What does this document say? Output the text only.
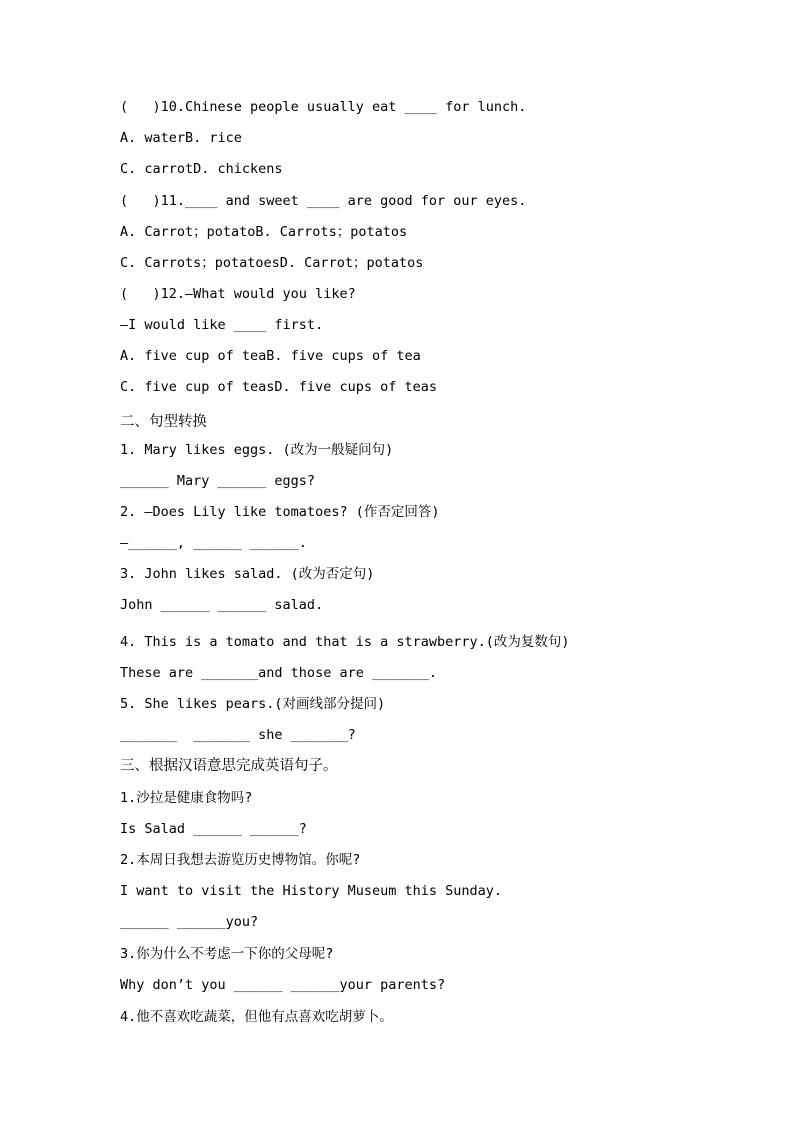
(   )10.Chinese people usually eat ____ for lunch.
A. waterB. rice
C. carrotD. chickens
(   )11.____ and sweet ____ are good for our eyes.
A. Carrot；potatoB. Carrots；potatos
C. Carrots；potatoesD. Carrot；potatos
(   )12.—What would you like?
—I would like ____ first.
A. five cup of teaB. five cups of tea
C. five cup of teasD. five cups of teas
二、句型转换
1. Mary likes eggs. (改为一般疑问句)
______ Mary ______ eggs?
2. —Does Lily like tomatoes? (作否定回答)
—______, ______ ______.
3. John likes salad. (改为否定句)
John ______ ______ salad.
4. This is a tomato and that is a strawberry.(改为复数句)
These are _______and those are _______.
5. She likes pears.(对画线部分提问)
_______  _______ she _______?
三、根据汉语意思完成英语句子。
1.沙拉是健康食物吗?
Is Salad ______ ______?
2.本周日我想去游览历史博物馆。你呢?
I want to visit the History Museum this Sunday.
______ ______you?
3.你为什么不考虑一下你的父母呢?
Why don’t you ______ ______your parents?
4.他不喜欢吃蔬菜，但他有点喜欢吃胡萝卜。
